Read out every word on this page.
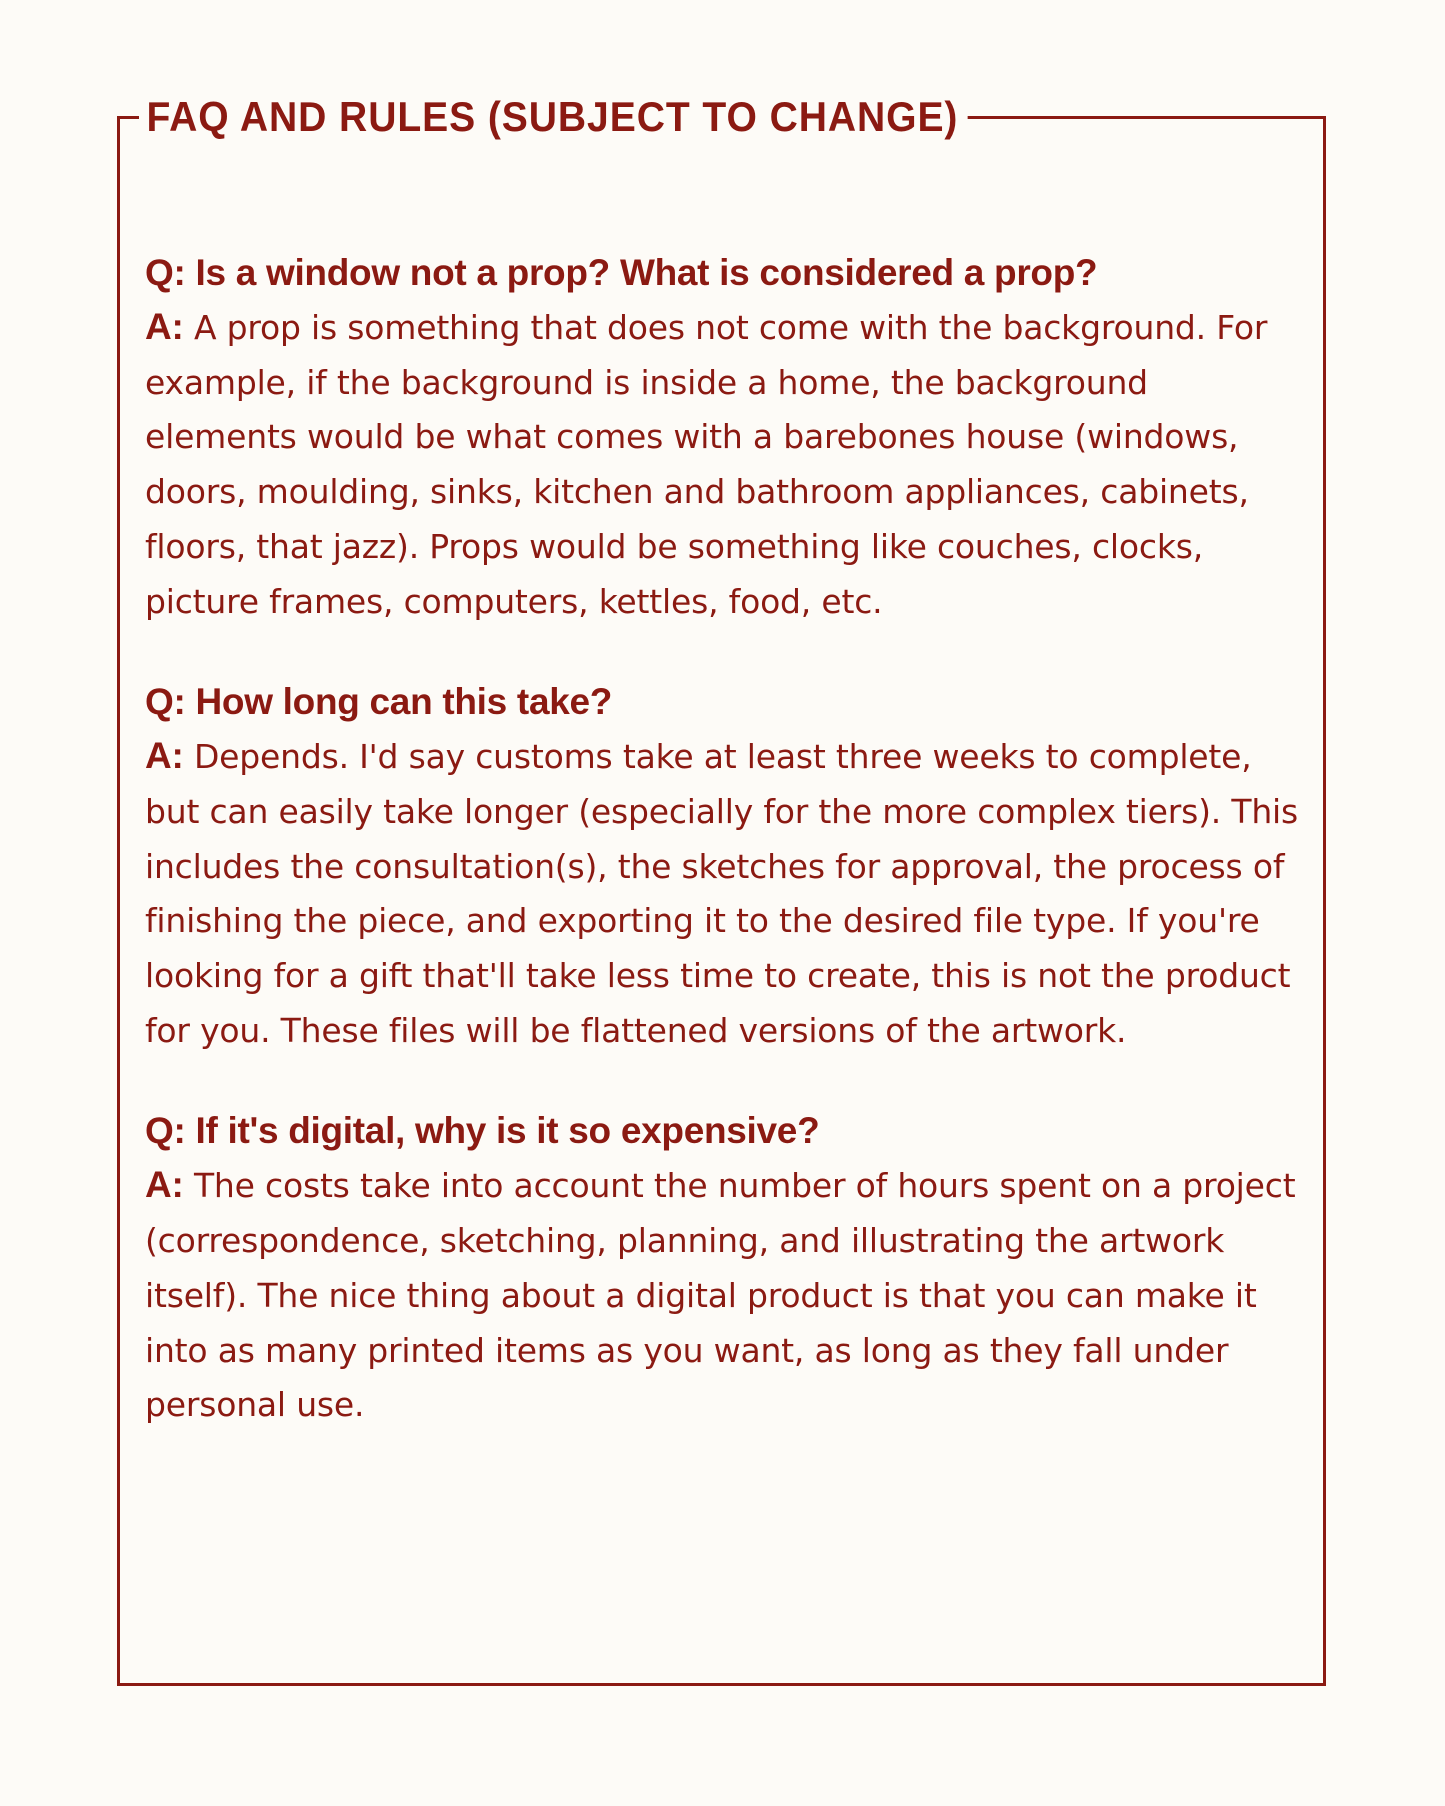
FAQ AND RULES (SUBJECT TO CHANGE)

Q: Is a window not a prop? What is considered a prop?

A: A prop is something that does not come with the background. For example, if the background is inside a home, the background elements would be what comes with a barebones house (windows, doors, moulding, sinks, kitchen and bathroom appliances, cabinets, floors, that jazz). Props would be something like couches, clocks, picture frames, computers, kettles, food, etc.

Q: How long can this take?

A: Depends. I'd say customs take at least three weeks to complete, but can easily take longer (especially for the more complex tiers). This includes the consultation(s), the sketches for approval, the process of finishing the piece, and exporting it to the desired file type. If you're looking for a gift that'll take less time to create, this is not the product for you. These files will be flattened versions of the artwork.

Q: If it's digital, why is it so expensive?

A: The costs take into account the number of hours spent on a project (correspondence, sketching, planning, and illustrating the artwork itself). The nice thing about a digital product is that you can make it into as many printed items as you want, as long as they fall under personal use.
